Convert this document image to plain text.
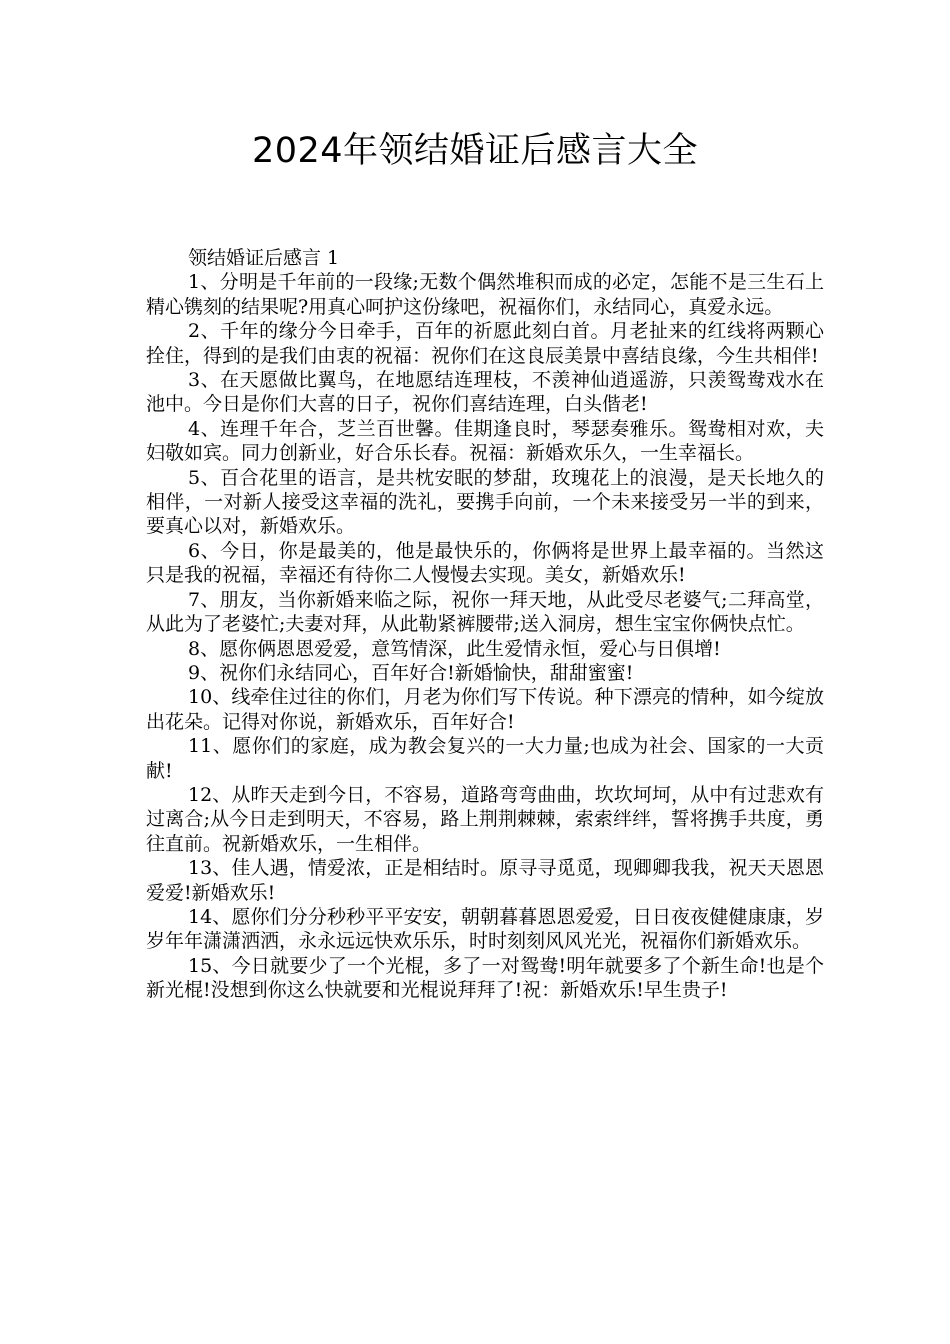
2024年领结婚证后感言大全

领结婚证后感言 1

1、分明是千年前的一段缘;无数个偶然堆积而成的必定，怎能不是三生石上精心镌刻的结果呢?用真心呵护这份缘吧，祝福你们，永结同心，真爱永远。

2、千年的缘分今日牵手，百年的祈愿此刻白首。月老扯来的红线将两颗心拴住，得到的是我们由衷的祝福：祝你们在这良辰美景中喜结良缘，今生共相伴!

3、在天愿做比翼鸟，在地愿结连理枝，不羡神仙逍遥游，只羡鸳鸯戏水在池中。今日是你们大喜的日子，祝你们喜结连理，白头偕老!

4、连理千年合，芝兰百世馨。佳期逢良时，琴瑟奏雅乐。鸳鸯相对欢，夫妇敬如宾。同力创新业，好合乐长春。祝福：新婚欢乐久，一生幸福长。

5、百合花里的语言，是共枕安眠的梦甜，玫瑰花上的浪漫，是天长地久的相伴，一对新人接受这幸福的洗礼，要携手向前，一个未来接受另一半的到来，要真心以对，新婚欢乐。

6、今日，你是最美的，他是最快乐的，你俩将是世界上最幸福的。当然这只是我的祝福，幸福还有待你二人慢慢去实现。美女，新婚欢乐!

7、朋友，当你新婚来临之际，祝你一拜天地，从此受尽老婆气;二拜高堂，从此为了老婆忙;夫妻对拜，从此勒紧裤腰带;送入洞房，想生宝宝你俩快点忙。

8、愿你俩恩恩爱爱，意笃情深，此生爱情永恒，爱心与日俱增!

9、祝你们永结同心，百年好合!新婚愉快，甜甜蜜蜜!

10、线牵住过往的你们，月老为你们写下传说。种下漂亮的情种，如今绽放出花朵。记得对你说，新婚欢乐，百年好合!

11、愿你们的家庭，成为教会复兴的一大力量;也成为社会、国家的一大贡献!

12、从昨天走到今日，不容易，道路弯弯曲曲，坎坎坷坷，从中有过悲欢有过离合;从今日走到明天，不容易，路上荆荆棘棘，索索绊绊，誓将携手共度，勇往直前。祝新婚欢乐，一生相伴。

13、佳人遇，情爱浓，正是相结时。原寻寻觅觅，现卿卿我我，祝天天恩恩爱爱!新婚欢乐!

14、愿你们分分秒秒平平安安，朝朝暮暮恩恩爱爱，日日夜夜健健康康，岁岁年年潇潇洒洒，永永远远快欢乐乐，时时刻刻风风光光，祝福你们新婚欢乐。

15、今日就要少了一个光棍，多了一对鸳鸯!明年就要多了个新生命!也是个新光棍!没想到你这么快就要和光棍说拜拜了!祝：新婚欢乐!早生贵子!
